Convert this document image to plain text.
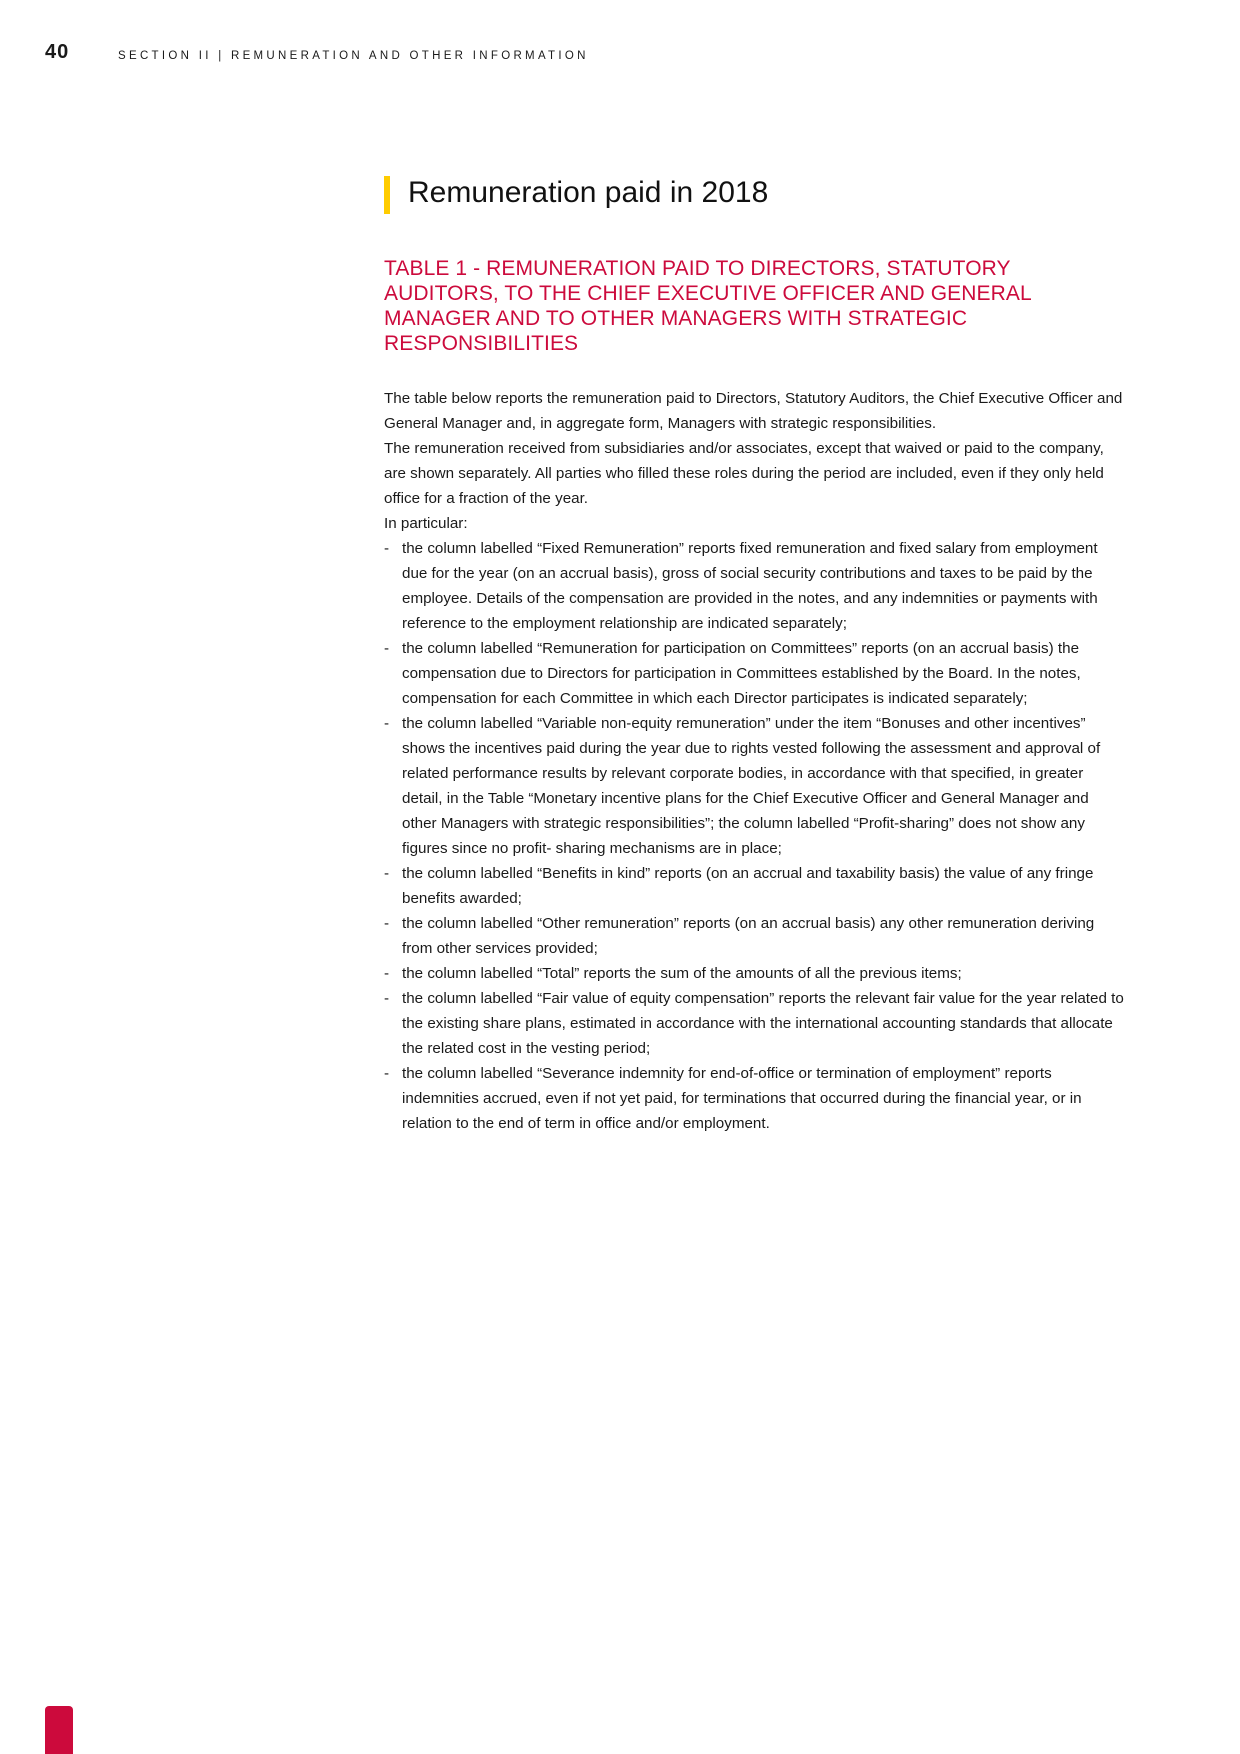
40	SECTION II | REMUNERATION AND OTHER INFORMATION
Remuneration paid in 2018
TABLE 1 - REMUNERATION PAID TO DIRECTORS, STATUTORY AUDITORS, TO THE CHIEF EXECUTIVE OFFICER AND GENERAL MANAGER AND TO OTHER MANAGERS WITH STRATEGIC RESPONSIBILITIES

The table below reports the remuneration paid to Directors, Statutory Auditors, the Chief Executive Officer and General Manager and, in aggregate form, Managers with strategic responsibilities.

The remuneration received from subsidiaries and/or associates, except that waived or paid to the company, are shown separately. All parties who filled these roles during the period are included, even if they only held office for a fraction of the year.

In particular:

- the column labelled “Fixed Remuneration” reports fixed remuneration and fixed salary from employment due for the year (on an accrual basis), gross of social security contributions and taxes to be paid by the employee. Details of the compensation are provided in the notes, and any indemnities or payments with reference to the employment relationship are indicated separately;
- the column labelled “Remuneration for participation on Committees” reports (on an accrual basis) the compensation due to Directors for participation in Committees established by the Board. In the notes, compensation for each Committee in which each Director participates is indicated separately;
- the column labelled “Variable non-equity remuneration” under the item “Bonuses and other incentives” shows the incentives paid during the year due to rights vested following the assessment and approval of related performance results by relevant corporate bodies, in accordance with that specified, in greater detail, in the Table “Monetary incentive plans for the Chief Executive Officer and General Manager and other Managers with strategic responsibilities”; the column labelled “Profit-sharing” does not show any figures since no profit- sharing mechanisms are in place;
- the column labelled “Benefits in kind” reports (on an accrual and taxability basis) the value of any fringe benefits awarded;
- the column labelled “Other remuneration” reports (on an accrual basis) any other remuneration deriving from other services provided;
- the column labelled “Total” reports the sum of the amounts of all the previous items;
- the column labelled “Fair value of equity compensation” reports the relevant fair value for the year related to the existing share plans, estimated in accordance with the international accounting standards that allocate the related cost in the vesting period;
- the column labelled “Severance indemnity for end-of-office or termination of employment” reports indemnities accrued, even if not yet paid, for terminations that occurred during the financial year, or in relation to the end of term in office and/or employment.
